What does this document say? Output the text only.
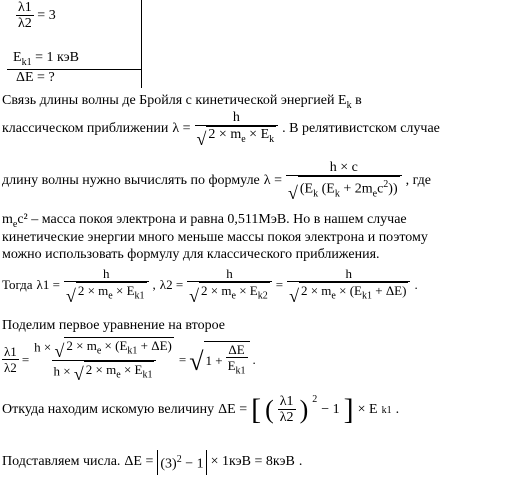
$\frac{\lambda 1}{\lambda 2} = 3$
$E_{k1} = 1$ кэВ
ΔE = ?
Связь длины волны де Бройля с кинетической энергией $E_k$ в
классическом приближении $\lambda = \frac{h}{√ 2 \times m_e \times E_k}$ . В релятивистском случае
длину волны нужно вычислять по формуле $\lambda = \frac{h \times c}{√ (E_k (E_k + 2m_ec^2))}$ , где
$m_ec^2$ – масса покоя электрона и равна 0,511МэВ. Но в нашем случае
кинетические энергии много меньше массы покоя электрона и поэтому
можно использовать формулу для классического приближения.
Тогда $\lambda 1 = \frac{h}{√ 2 \times m_e \times E_{k1}}$ , $\lambda 2 = \frac{h}{√ 2 \times m_e \times E_{k2}} = \frac{h}{√ 2 \times m_e \times (E_{k1} + \Delta E)}$ .
Поделим первое уравнение на второе
$\frac{\lambda 1}{\lambda 2} = \frac{h \times √ 2 \times m_e \times (E_{k1} + \Delta E)}{h \times √ 2 \times m_e \times E_{k1}}$ = √ $1 + \frac{\Delta E}{E_{k1}}$ .
Откуда находим искомую величину ΔE = [ ( $\frac{\lambda 1}{\lambda 2}$ ) $^2$
− 1 ] × E k1 .
Подставляем числа. $\Delta E = (3)^2 - 1 \times 1кэВ = 8кэВ$ .
